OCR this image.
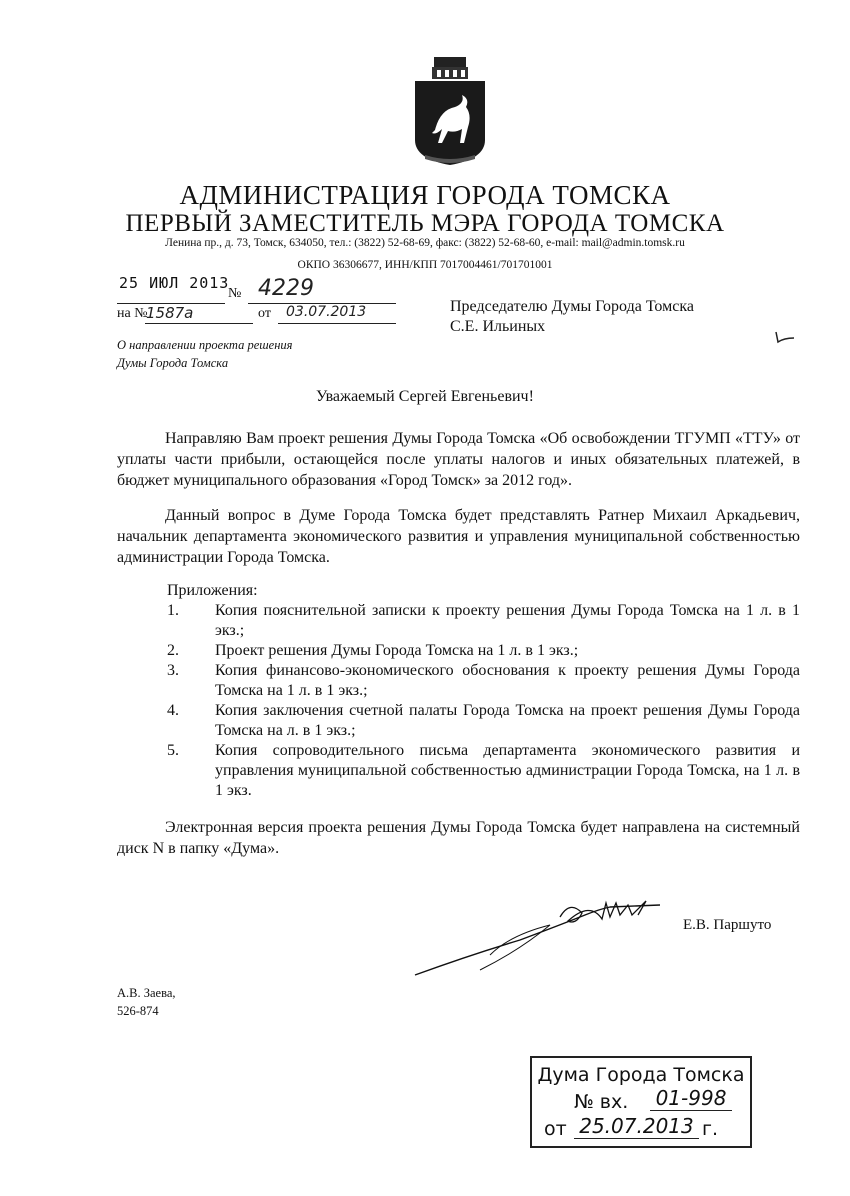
АДМИНИСТРАЦИЯ ГОРОДА ТОМСКА
ПЕРВЫЙ ЗАМЕСТИТЕЛЬ МЭРА ГОРОДА ТОМСКА
Ленина пр., д. 73, Томск, 634050, тел.: (3822) 52-68-69, факс: (3822) 52-68-60, e-mail: mail@admin.tomsk.ru
ОКПО 36306677, ИНН/КПП 7017004461/701701001
25 ИЮЛ 2013
№ 4229
на №
1587а	от 03.07.2013	Председателю Думы Города Томска
С.Е. Ильиных
О направлении проекта решения
Думы Города Томска
Уважаемый Сергей Евгеньевич!
Направляю Вам проект решения Думы Города Томска «Об освобождении ТГУМП «ТТУ» от уплаты части прибыли, остающейся после уплаты налогов и иных обязательных платежей, в бюджет муниципального образования «Город Томск» за 2012 год».
Данный вопрос в Думе Города Томска будет представлять Ратнер Михаил Аркадьевич, начальник департамента экономического развития и управления муниципальной собственностью администрации Города Томска.
Приложения:

1. Копия пояснительной записки к проекту решения Думы Города Томска на 1 л. в 1 экз.;

2. Проект решения Думы Города Томска на 1 л. в 1 экз.;

3. Копия финансово-экономического обоснования к проекту решения Думы Города Томска на 1 л. в 1 экз.;

4. Копия заключения счетной палаты Города Томска на проект решения Думы Города Томска на л. в 1 экз.;

5. Копия сопроводительного письма департамента экономического развития и управления муниципальной собственностью администрации Города Томска, на 1 л. в 1 экз.

Электронная версия проекта решения Думы Города Томска будет направлена на системный диск N в папку «Дума».
Е.В. Паршуто
А.В. Заева,
526-874
Дума Города Томска
№ вх. 01-998
от 25.07.2013 г.
